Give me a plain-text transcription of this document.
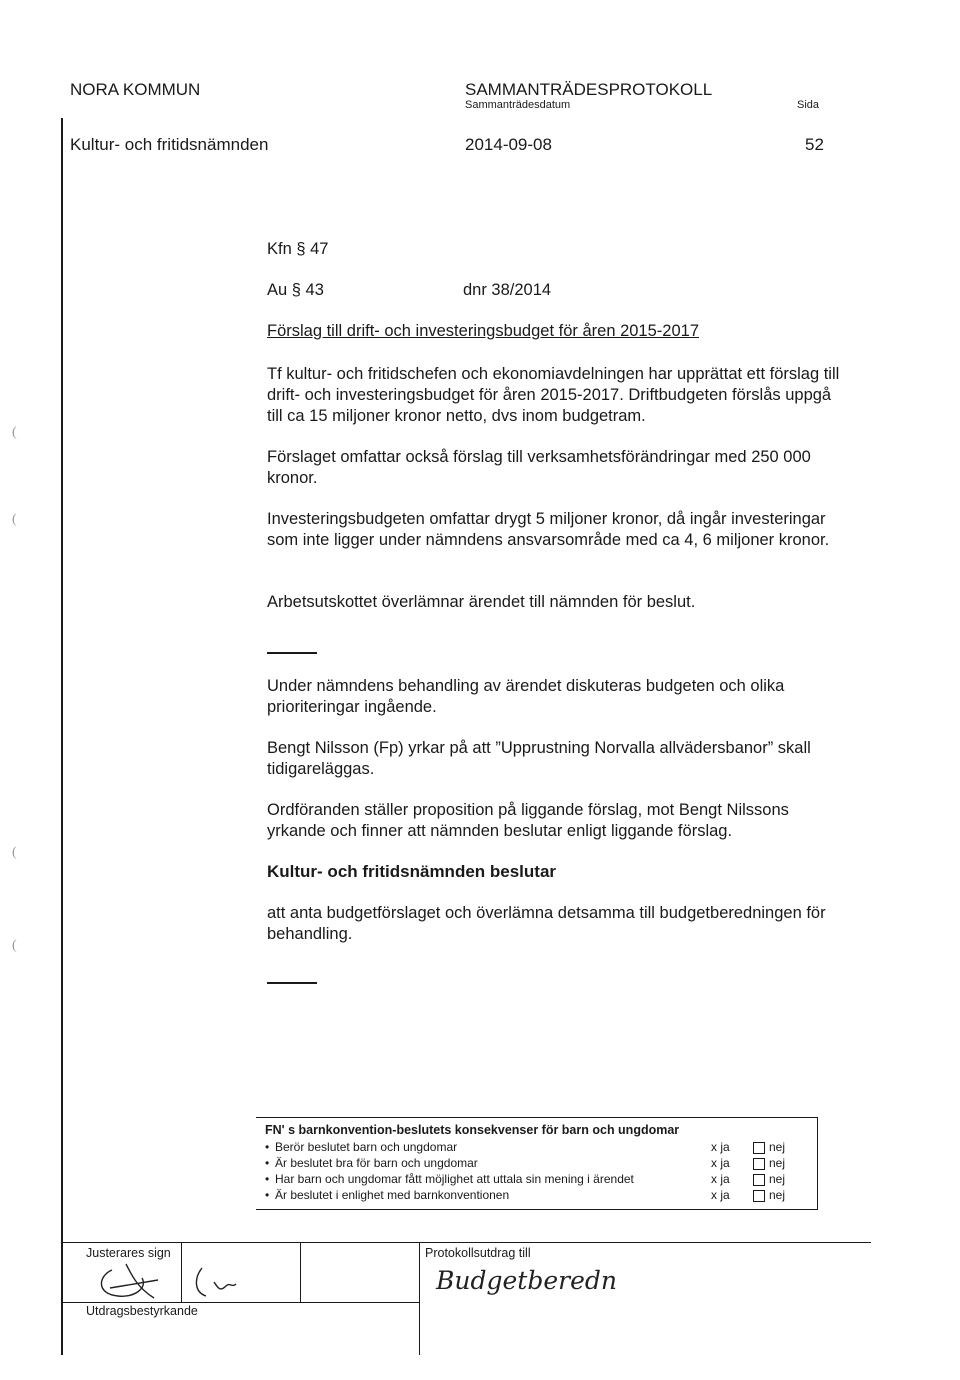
NORA KOMMUN	SAMMANTRÄDESPROTOKOLL
Sammanträdesdatum	Sida
Kultur- och fritidsnämnden	2014-09-08	52
(
(
(
(
Kfn § 47
Au § 43	dnr 38/2014
Förslag till drift- och investeringsbudget för åren 2015-2017
Tf kultur- och fritidschefen och ekonomiavdelningen har upprättat ett förslag till drift- och investeringsbudget för åren 2015-2017. Driftbudgeten förslås uppgå till ca 15 miljoner kronor netto, dvs inom budgetram.
Förslaget omfattar också förslag till verksamhetsförändringar med 250 000 kronor.
Investeringsbudgeten omfattar drygt 5 miljoner kronor, då ingår investeringar som inte ligger under nämndens ansvarsområde med ca 4, 6 miljoner kronor.
Arbetsutskottet överlämnar ärendet till nämnden för beslut.
Under nämndens behandling av ärendet diskuteras budgeten och olika prioriteringar ingående.
Bengt Nilsson (Fp) yrkar på att ”Upprustning Norvalla allvädersbanor” skall tidigareläggas.
Ordföranden ställer proposition på liggande förslag, mot Bengt Nilssons yrkande och finner att nämnden beslutar enligt liggande förslag.
Kultur- och fritidsnämnden beslutar
att anta budgetförslaget och överlämna detsamma till budgetberedningen för behandling.
FN' s barnkonvention-beslutets konsekvenser för barn och ungdomar
• Berör beslutet barn och ungdomar	x ja	nej
• Är beslutet bra för barn och ungdomar	x ja	nej
• Har barn och ungdomar fått möjlighet att uttala sin mening i ärendet	x ja	nej
• Är beslutet i enlighet med barnkonventionen	x ja	nej
Justerares sign
Utdragsbestyrkande
Protokollsutdrag till
Budgetberedn
